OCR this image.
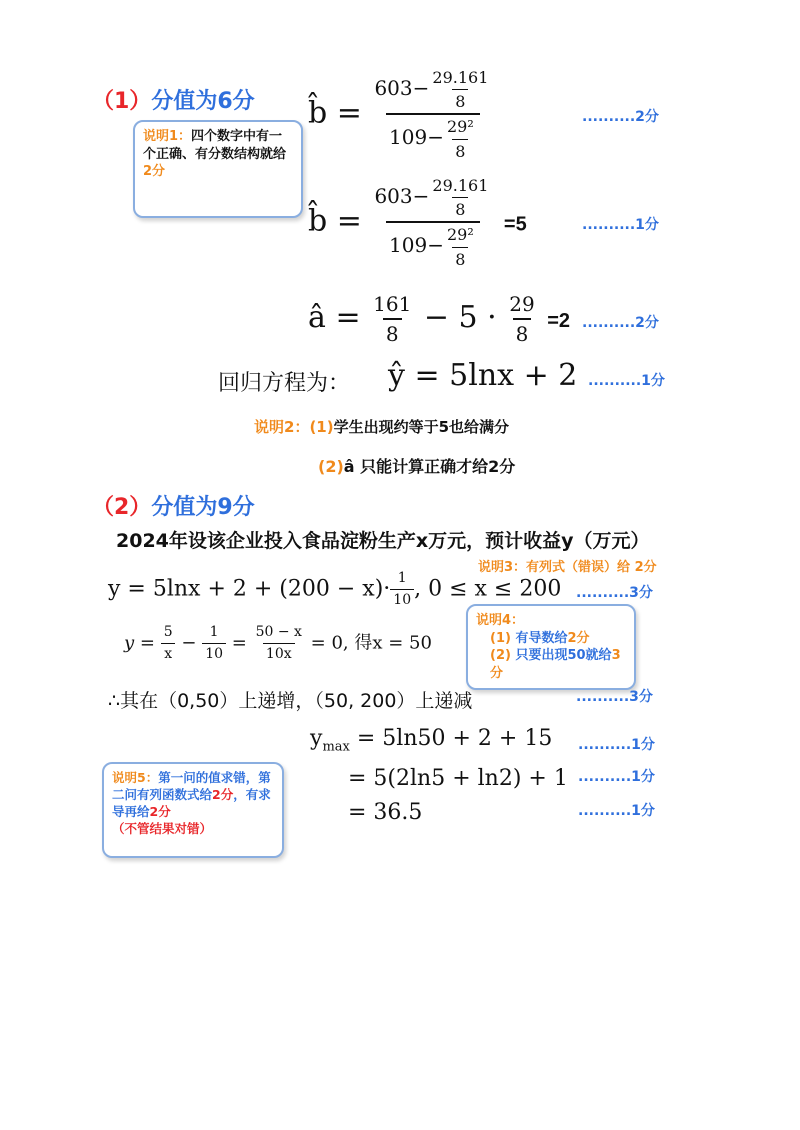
（1）分值为6分 b̂ = $\frac{603- \frac{29.161}{8}}{109- \frac{\text{29²}}{8}}$	..........2分
说明1：四个数字中有一个正确、有分数结构就给2分
b̂ = $\frac{603- \frac{29.161}{8}}{109- \frac{\text{29²}}{8}} =5$	..........1分
â = $\frac{161}{8} - 5 \cdot \frac{29}{8} =2$ ..........2分
回归方程为： ŷ = 5lnx + 2 ..........1分
说明2：(1)学生出现约等于5也给满分
(2)â 只能计算正确才给2分
（2）分值为9分
2024年设该企业投入食品淀粉生产x万元，预计收益y（万元）
说明3：有列式（错误）给 2分
$y = 5\ln x + 2 + (200 - x)\cdot \frac{1}{10}$ , 0 ≤ x ≤ 200 ..........3分
说明4：
(1) 有导数给2分
(2) 只要出现50就给3分
$y = \frac{5}{x} - \frac{1}{10} = \frac{50 - x}{10x} = 0$, 得x = 50
∴其在（0,50）上递增，（50, 200）上递减	..........3分
$y_{max} = 5\ln 50 + 2 + 15$ ..........1分
= 5(2ln5 + ln2) + 1 ..........1分
= 36.5	..........1分
说明5：第一问的值求错，第二问有列函数式给2分，有求导再给2分
（不管结果对错）
